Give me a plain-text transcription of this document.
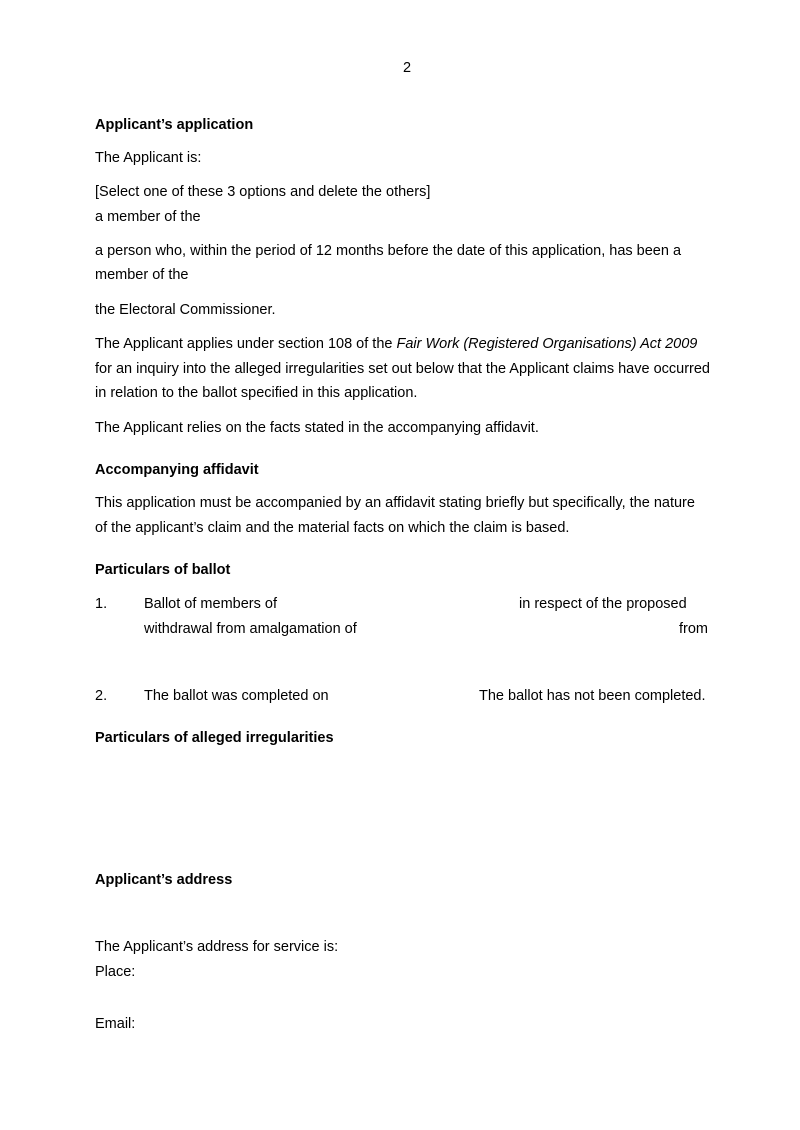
2
Applicant’s application
The Applicant is:
[Select one of these 3 options and delete the others]
a member of the
a person who, within the period of 12 months before the date of this application, has been a
member of the
the Electoral Commissioner.
The Applicant applies under section 108 of the Fair Work (Registered Organisations) Act 2009
for an inquiry into the alleged irregularities set out below that the Applicant claims have occurred
in relation to the ballot specified in this application.
The Applicant relies on the facts stated in the accompanying affidavit.
Accompanying affidavit
This application must be accompanied by an affidavit stating briefly but specifically, the nature
of the applicant’s claim and the material facts on which the claim is based.
Particulars of ballot
1.	Ballot of members of	in respect of the proposed
withdrawal from amalgamation of	from
2.	The ballot was completed on	The ballot has not been completed.
Particulars of alleged irregularities
Applicant’s address
The Applicant’s address for service is:
Place:
Email:
